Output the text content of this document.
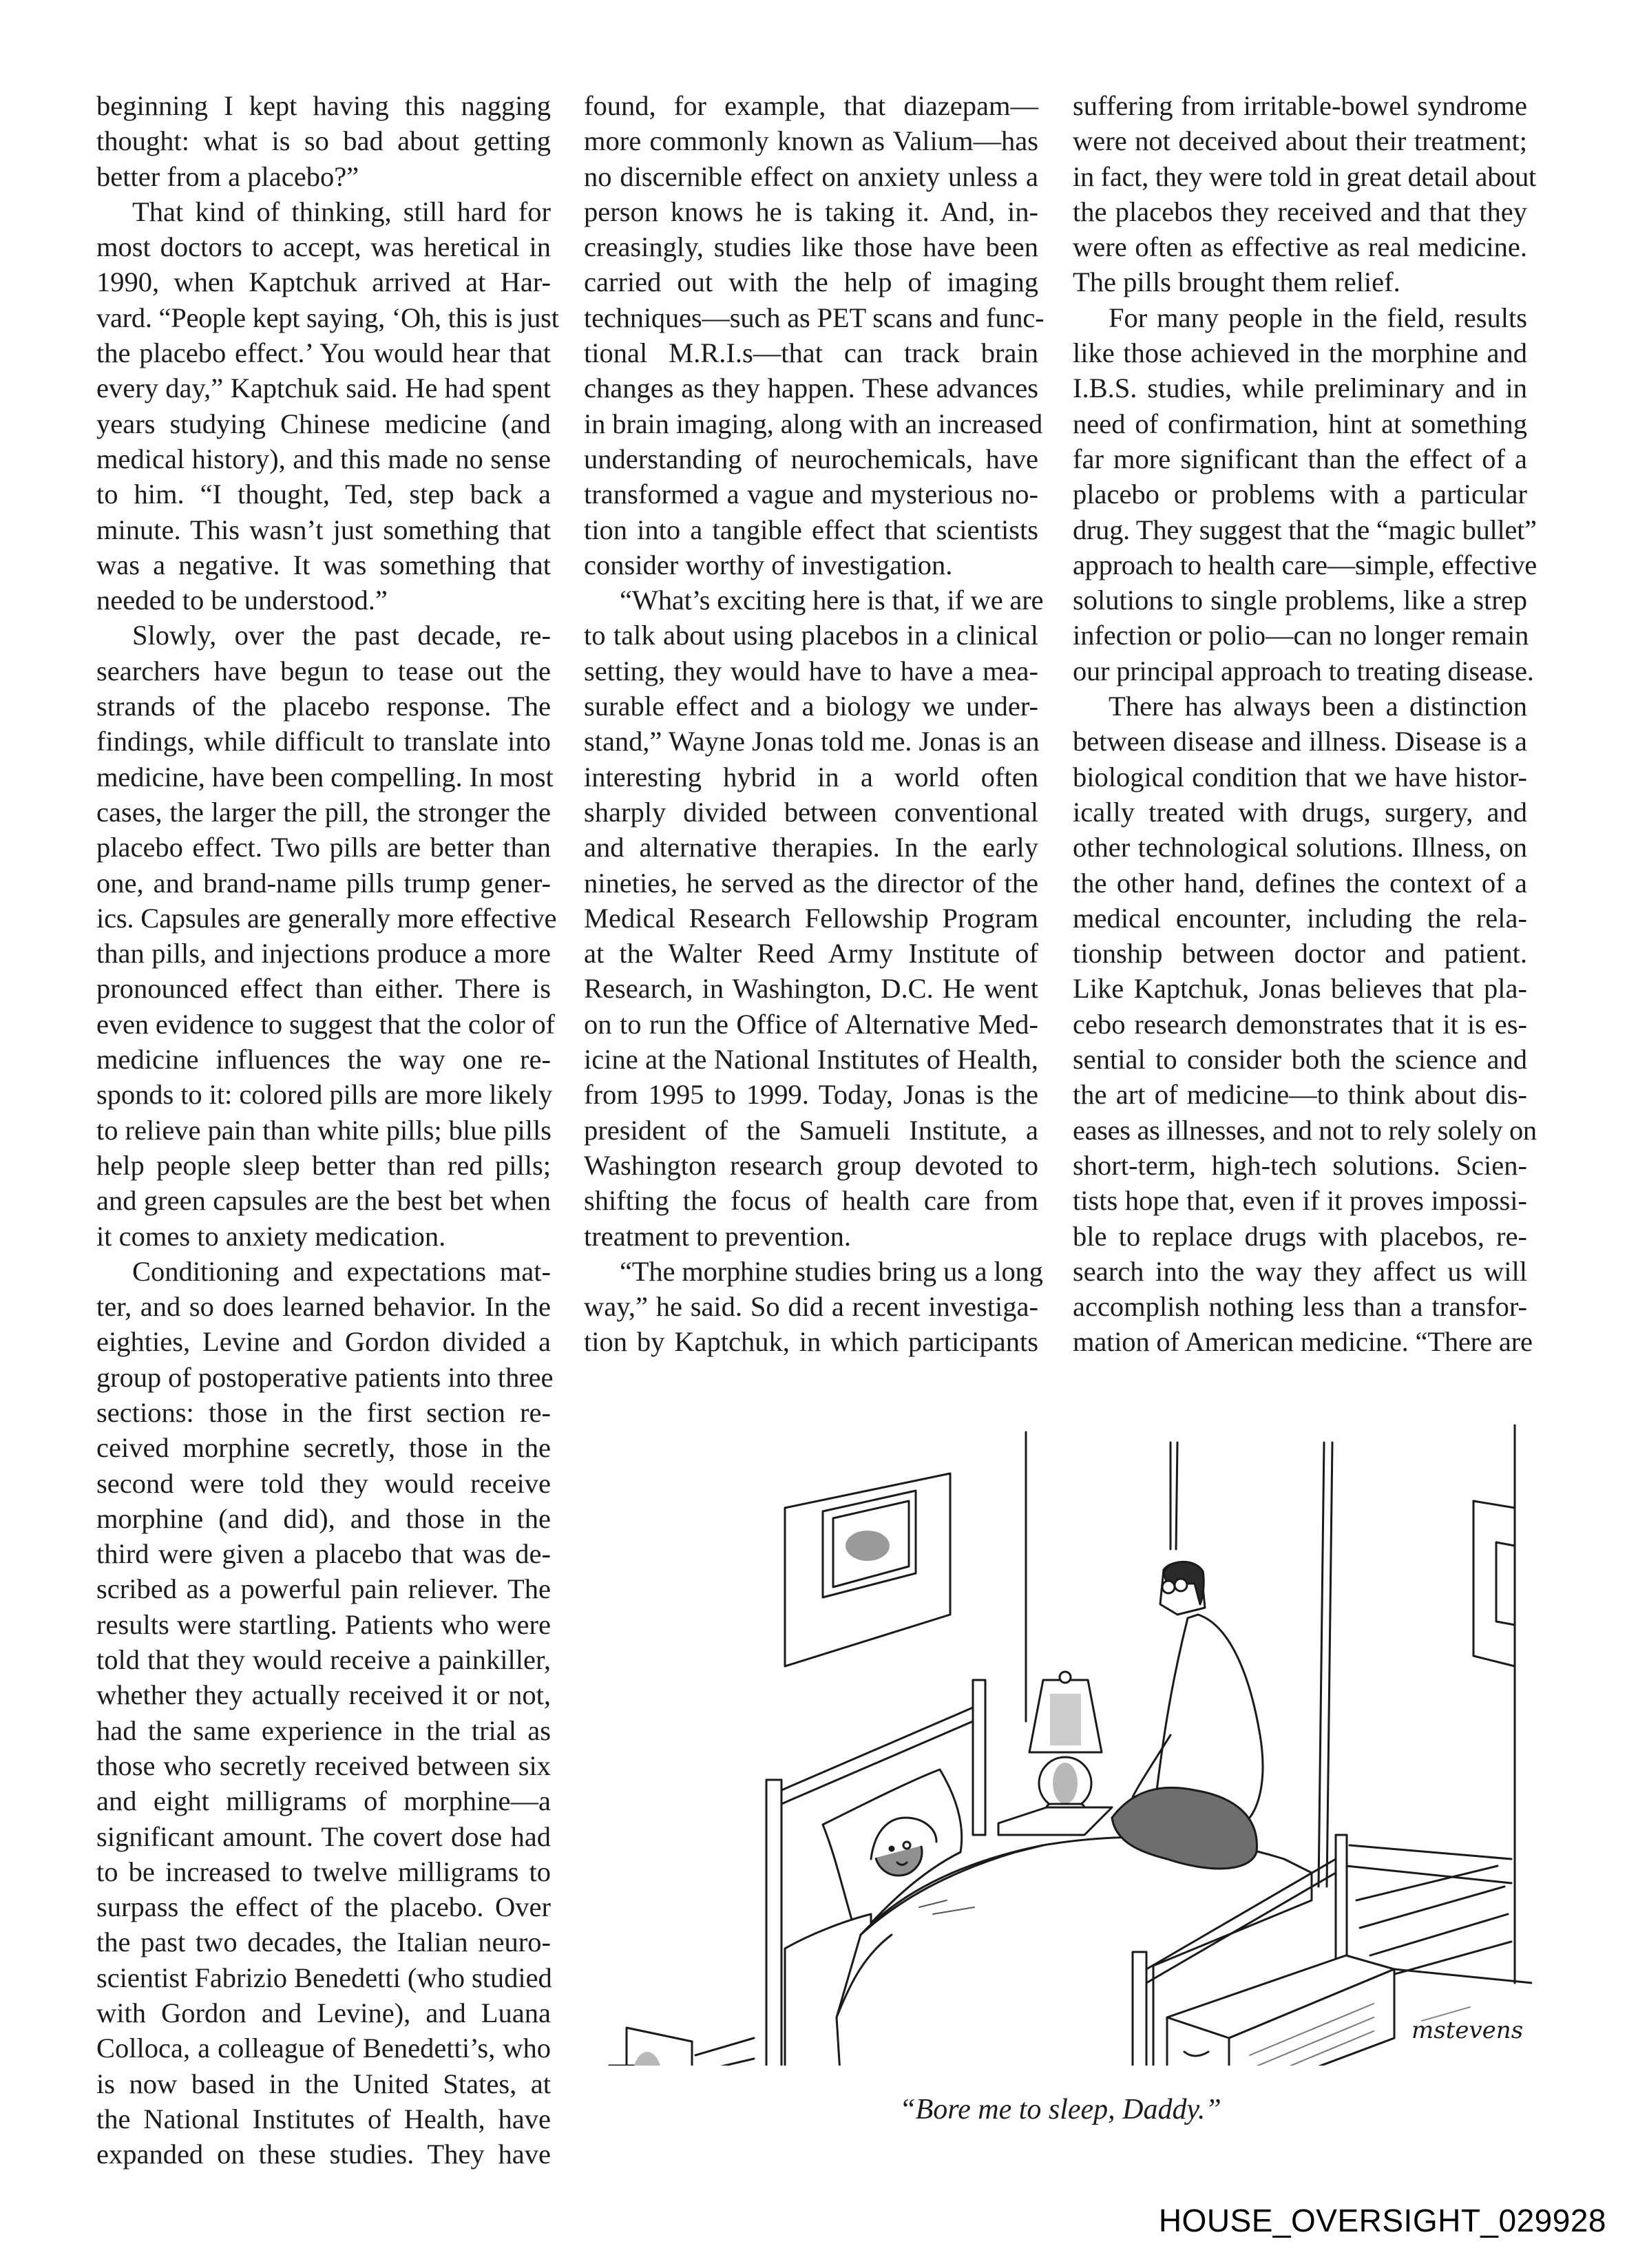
beginning I kept having this nagging
thought: what is so bad about getting
better from a placebo?”
That kind of thinking, still hard for
most doctors to accept, was heretical in
1990, when Kaptchuk arrived at Har-
vard. “People kept saying, ‘Oh, this is just
the placebo effect.’ You would hear that
every day,” Kaptchuk said. He had spent
years studying Chinese medicine (and
medical history), and this made no sense
to him. “I thought, Ted, step back a
minute. This wasn’t just something that
was a negative. It was something that
needed to be understood.”
Slowly, over the past decade, re-
searchers have begun to tease out the
strands of the placebo response. The
findings, while difficult to translate into
medicine, have been compelling. In most
cases, the larger the pill, the stronger the
placebo effect. Two pills are better than
one, and brand-name pills trump gener-
ics. Capsules are generally more effective
than pills, and injections produce a more
pronounced effect than either. There is
even evidence to suggest that the color of
medicine influences the way one re-
sponds to it: colored pills are more likely
to relieve pain than white pills; blue pills
help people sleep better than red pills;
and green capsules are the best bet when
it comes to anxiety medication.
Conditioning and expectations mat-
ter, and so does learned behavior. In the
eighties, Levine and Gordon divided a
group of postoperative patients into three
sections: those in the first section re-
ceived morphine secretly, those in the
second were told they would receive
morphine (and did), and those in the
third were given a placebo that was de-
scribed as a powerful pain reliever. The
results were startling. Patients who were
told that they would receive a painkiller,
whether they actually received it or not,
had the same experience in the trial as
those who secretly received between six
and eight milligrams of morphine—a
significant amount. The covert dose had
to be increased to twelve milligrams to
surpass the effect of the placebo. Over
the past two decades, the Italian neuro-
scientist Fabrizio Benedetti (who studied
with Gordon and Levine), and Luana
Colloca, a colleague of Benedetti’s, who
is now based in the United States, at
the National Institutes of Health, have
expanded on these studies. They have
found, for example, that diazepam—
more commonly known as Valium—has
no discernible effect on anxiety unless a
person knows he is taking it. And, in-
creasingly, studies like those have been
carried out with the help of imaging
techniques—such as PET scans and func-
tional M.R.I.s—that can track brain
changes as they happen. These advances
in brain imaging, along with an increased
understanding of neurochemicals, have
transformed a vague and mysterious no-
tion into a tangible effect that scientists
consider worthy of investigation.
“What’s exciting here is that, if we are
to talk about using placebos in a clinical
setting, they would have to have a mea-
surable effect and a biology we under-
stand,” Wayne Jonas told me. Jonas is an
interesting hybrid in a world often
sharply divided between conventional
and alternative therapies. In the early
nineties, he served as the director of the
Medical Research Fellowship Program
at the Walter Reed Army Institute of
Research, in Washington, D.C. He went
on to run the Office of Alternative Med-
icine at the National Institutes of Health,
from 1995 to 1999. Today, Jonas is the
president of the Samueli Institute, a
Washington research group devoted to
shifting the focus of health care from
treatment to prevention.
“The morphine studies bring us a long
way,” he said. So did a recent investiga-
tion by Kaptchuk, in which participants
suffering from irritable-bowel syndrome
were not deceived about their treatment;
in fact, they were told in great detail about
the placebos they received and that they
were often as effective as real medicine.
The pills brought them relief.
For many people in the field, results
like those achieved in the morphine and
I.B.S. studies, while preliminary and in
need of confirmation, hint at something
far more significant than the effect of a
placebo or problems with a particular
drug. They suggest that the “magic bullet”
approach to health care—simple, effective
solutions to single problems, like a strep
infection or polio—can no longer remain
our principal approach to treating disease.
There has always been a distinction
between disease and illness. Disease is a
biological condition that we have histor-
ically treated with drugs, surgery, and
other technological solutions. Illness, on
the other hand, defines the context of a
medical encounter, including the rela-
tionship between doctor and patient.
Like Kaptchuk, Jonas believes that pla-
cebo research demonstrates that it is es-
sential to consider both the science and
the art of medicine—to think about dis-
eases as illnesses, and not to rely solely on
short-term, high-tech solutions. Scien-
tists hope that, even if it proves impossi-
ble to replace drugs with placebos, re-
search into the way they affect us will
accomplish nothing less than a transfor-
mation of American medicine. “There are
mstevens
“Bore me to sleep, Daddy.”
HOUSE_OVERSIGHT_029928
